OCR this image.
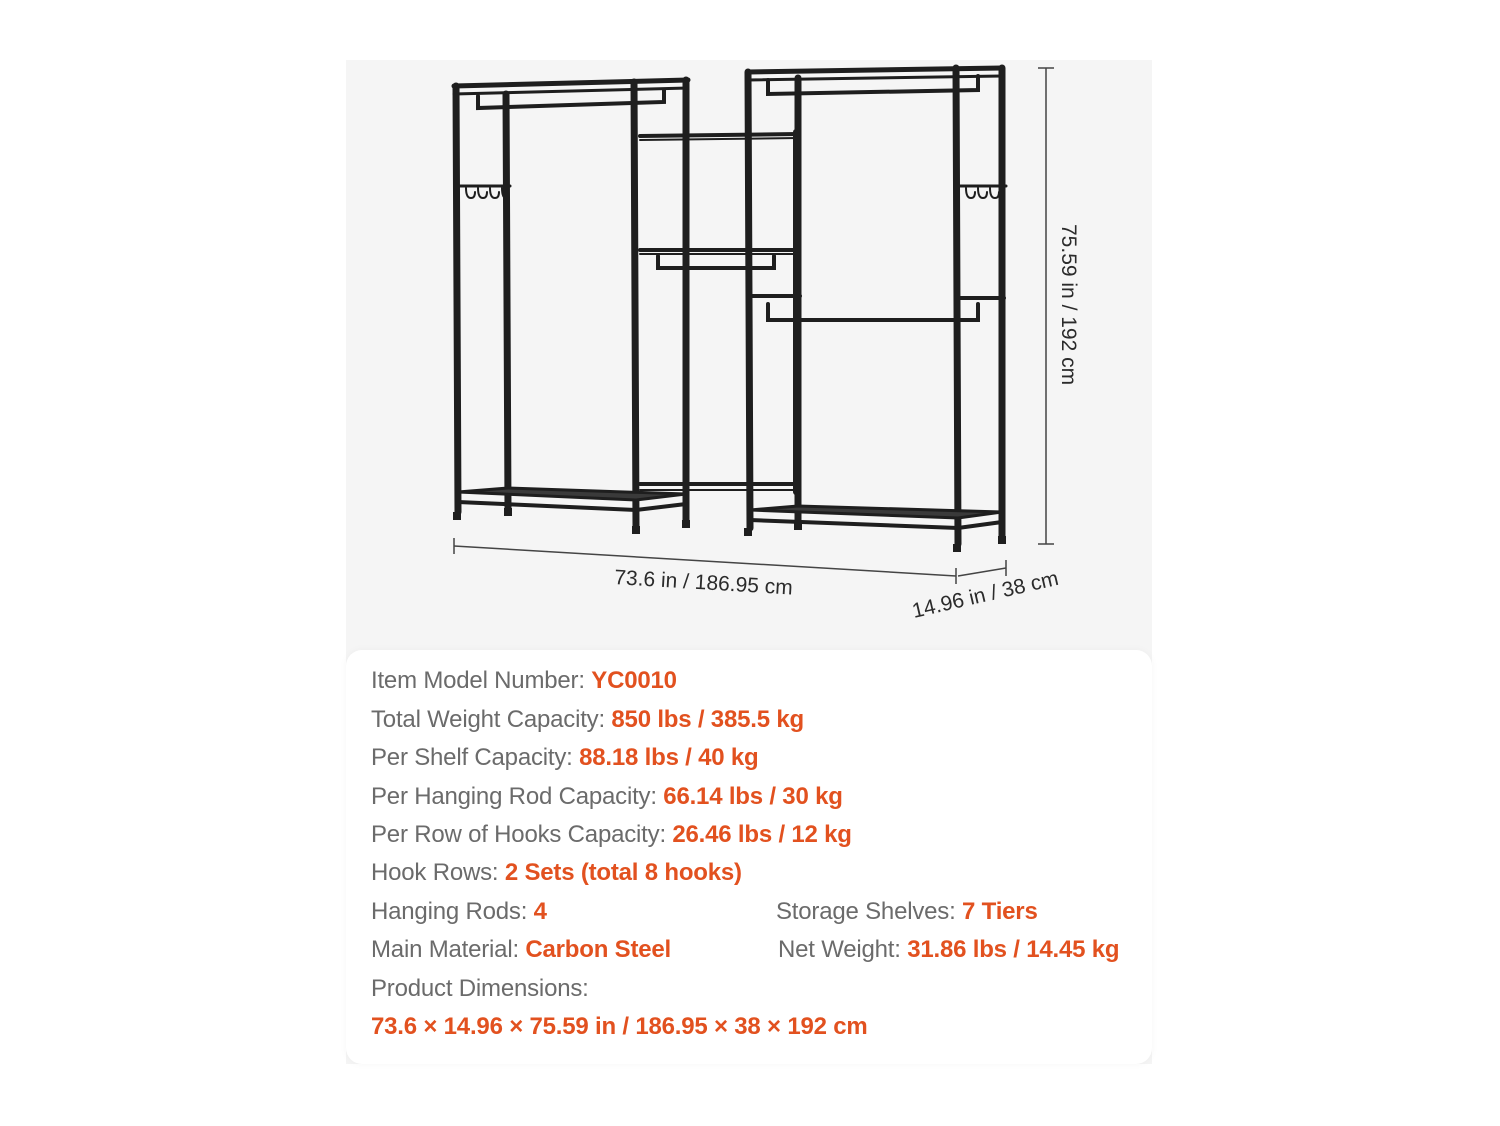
73.6 in / 186.95 cm	14.96 in / 38 cm
75.59 in / 192 cm
Item Model Number: YC0010
Total Weight Capacity: 850 lbs / 385.5 kg
Per Shelf Capacity: 88.18 lbs / 40 kg
Per Hanging Rod Capacity: 66.14 lbs / 30 kg
Per Row of Hooks Capacity: 26.46 lbs / 12 kg
Hook Rows: 2 Sets (total 8 hooks)
Hanging Rods: 4	Storage Shelves: 7 Tiers
Main Material: Carbon Steel	Net Weight: 31.86 lbs / 14.45 kg
Product Dimensions:
73.6 × 14.96 × 75.59 in / 186.95 × 38 × 192 cm
